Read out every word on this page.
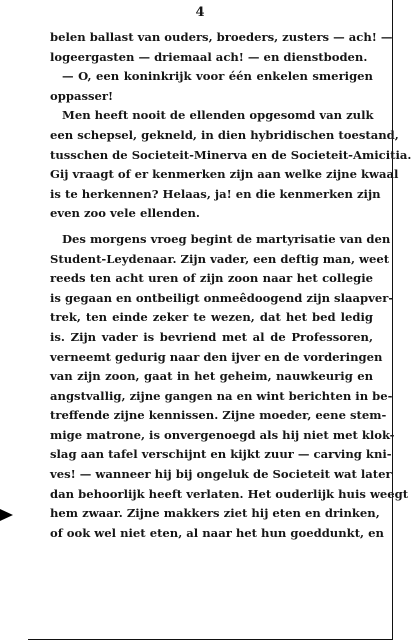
4
belen ballast van ouders, broeders, zusters — ach! —
logeergasten — driemaal ach! — en dienstboden.
— O, een koninkrijk voor één enkelen smerigen
oppasser!
Men heeft nooit de ellenden opgesomd van zulk
een schepsel, gekneld, in dien hybridischen toestand,
tusschen de Societeit-Minerva en de Societeit-Amicitia.
Gij vraagt of er kenmerken zijn aan welke zijne kwaal
is te herkennen? Helaas, ja! en die kenmerken zijn
even zoo vele ellenden.
Des morgens vroeg begint de martyrisatie van den
Student-Leydenaar. Zijn vader, een deftig man, weet
reeds ten acht uren of zijn zoon naar het collegie
is gegaan en ontbeiligt onmeêdoogend zijn slaapver-
trek, ten einde zeker te wezen, dat het bed ledig
is. Zijn vader is bevriend met al de Professoren,
verneemt gedurig naar den ijver en de vorderingen
van zijn zoon, gaat in het geheim, nauwkeurig en
angstvallig, zijne gangen na en wint berichten in be-
treffende zijne kennissen. Zijne moeder, eene stem-
mige matrone, is onvergenoegd als hij niet met klok-
slag aan tafel verschijnt en kijkt zuur — carving kni-
ves! — wanneer hij bij ongeluk de Societeit wat later
dan behoorlijk heeft verlaten. Het ouderlijk huis weegt
hem zwaar. Zijne makkers ziet hij eten en drinken,
of ook wel niet eten, al naar het hun goeddunkt, en
